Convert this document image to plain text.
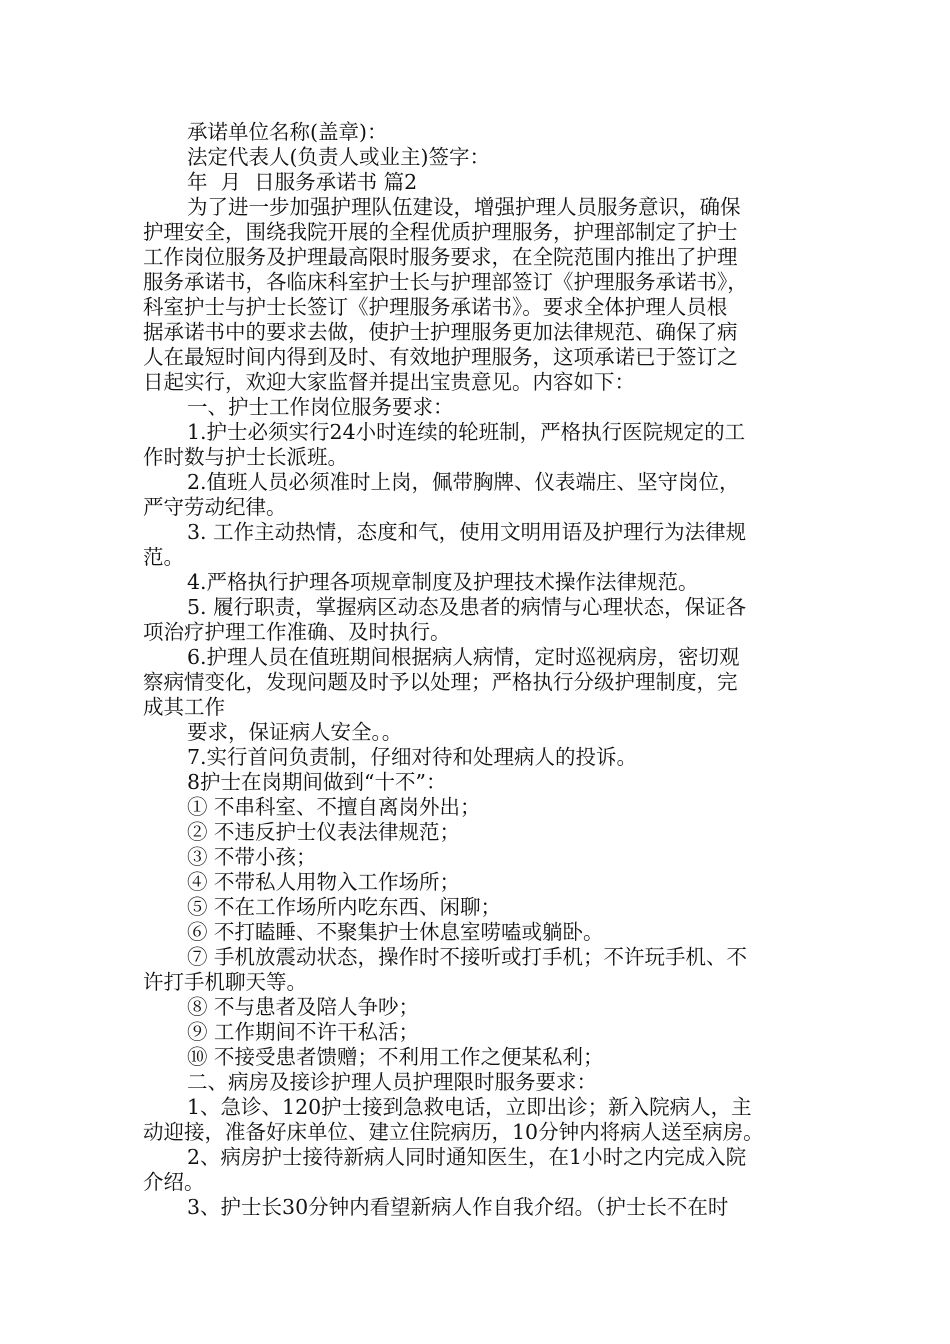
承诺单位名称(盖章)：
法定代表人(负责人或业主)签字：
年  月  日服务承诺书 篇2
为了进一步加强护理队伍建设，增强护理人员服务意识，确保
护理安全，围绕我院开展的全程优质护理服务，护理部制定了护士
工作岗位服务及护理最高限时服务要求，在全院范围内推出了护理
服务承诺书，各临床科室护士长与护理部签订《护理服务承诺书》，
科室护士与护士长签订《护理服务承诺书》。要求全体护理人员根
据承诺书中的要求去做，使护士护理服务更加法律规范、确保了病
人在最短时间内得到及时、有效地护理服务，这项承诺已于签订之
日起实行，欢迎大家监督并提出宝贵意见。内容如下：
一、护士工作岗位服务要求：
1.护士必须实行24小时连续的轮班制，严格执行医院规定的工
作时数与护士长派班。
2.值班人员必须准时上岗，佩带胸牌、仪表端庄、坚守岗位，
严守劳动纪律。
3. 工作主动热情，态度和气，使用文明用语及护理行为法律规
范。
4.严格执行护理各项规章制度及护理技术操作法律规范。
5. 履行职责，掌握病区动态及患者的病情与心理状态，保证各
项治疗护理工作准确、及时执行。
6.护理人员在值班期间根据病人病情，定时巡视病房，密切观
察病情变化，发现问题及时予以处理；严格执行分级护理制度，完
成其工作
要求，保证病人安全。。
7.实行首问负责制，仔细对待和处理病人的投诉。
8护士在岗期间做到“十不”：
① 不串科室、不擅自离岗外出；
② 不违反护士仪表法律规范；
③ 不带小孩；
④ 不带私人用物入工作场所；
⑤ 不在工作场所内吃东西、闲聊；
⑥ 不打瞌睡、不聚集护士休息室唠嗑或躺卧。
⑦ 手机放震动状态，操作时不接听或打手机；不许玩手机、不
许打手机聊天等。
⑧ 不与患者及陪人争吵；
⑨ 工作期间不许干私活；
⑩ 不接受患者馈赠；不利用工作之便某私利；
二、病房及接诊护理人员护理限时服务要求：
1、急诊、120护士接到急救电话，立即出诊；新入院病人，主
动迎接，准备好床单位、建立住院病历，10分钟内将病人送至病房。
2、病房护士接待新病人同时通知医生，在1小时之内完成入院
介绍。
3、护士长30分钟内看望新病人作自我介绍。（护士长不在时
